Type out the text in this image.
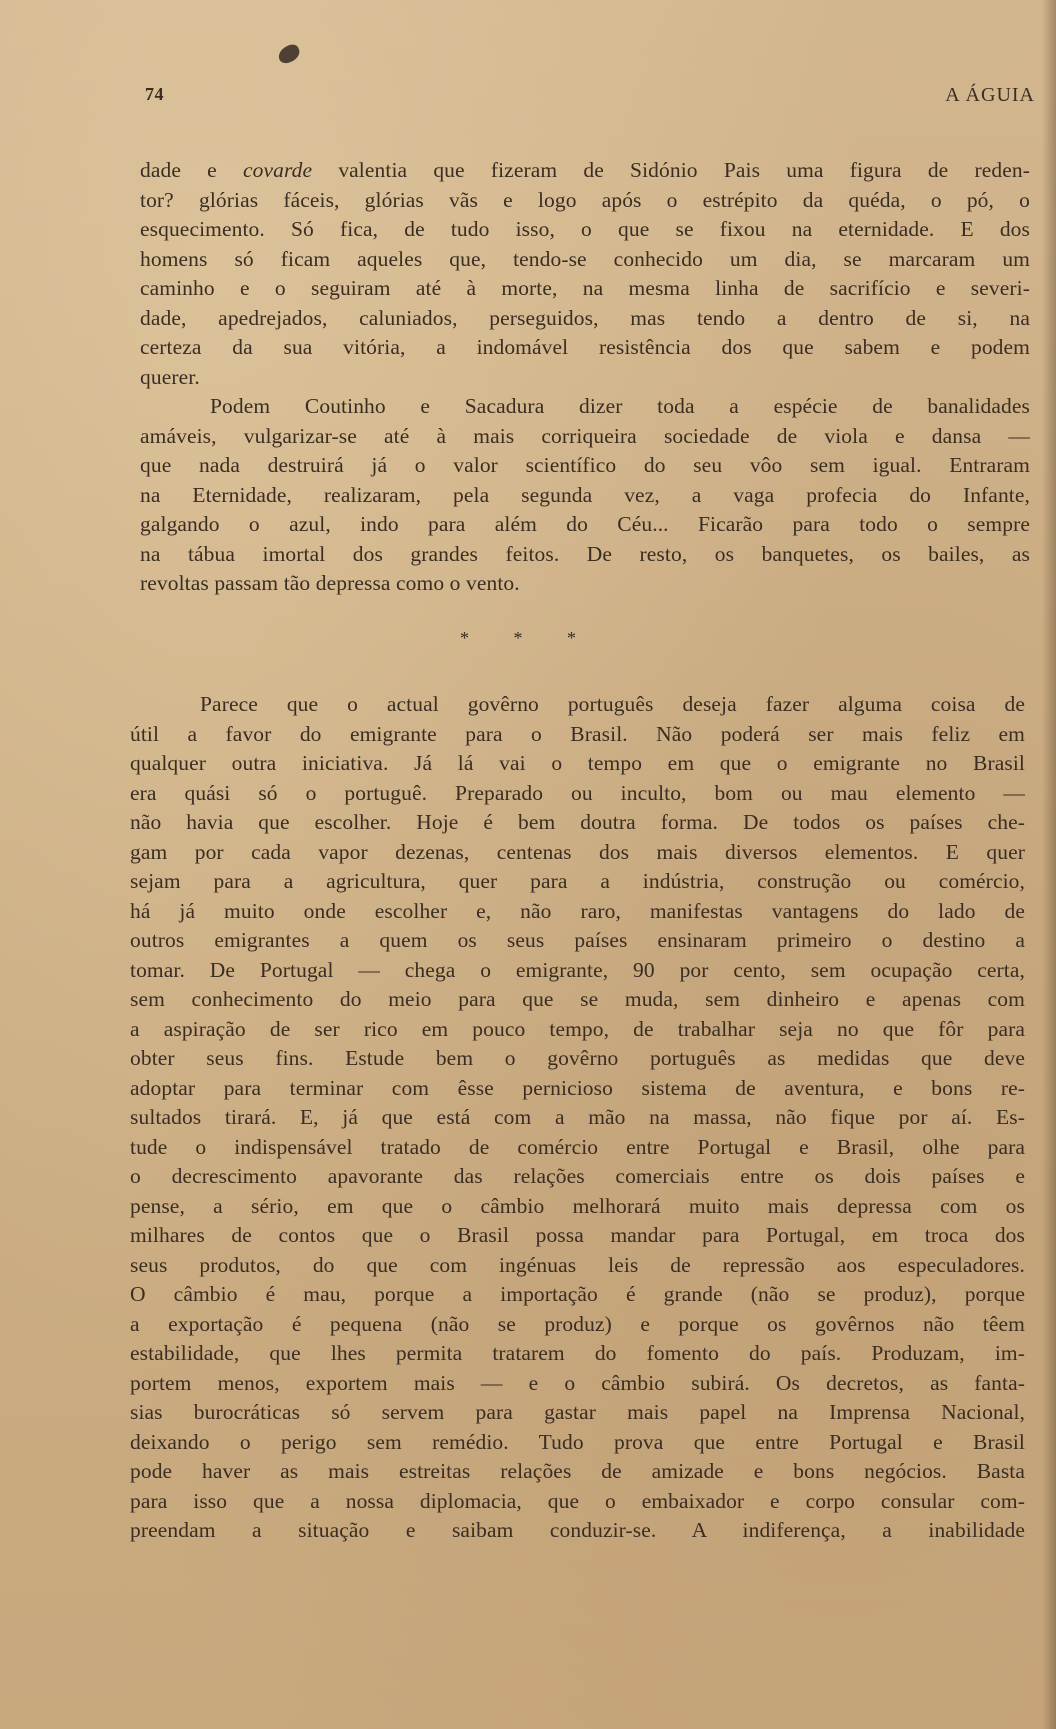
74	A ÁGUIA

dade e covarde valentia que fizeram de Sidónio Pais uma figura de reden-

tor? glórias fáceis, glórias vãs e logo após o estrépito da quéda, o pó, o

esquecimento. Só fica, de tudo isso, o que se fixou na eternidade. E dos

homens só ficam aqueles que, tendo-se conhecido um dia, se marcaram um

caminho e o seguiram até à morte, na mesma linha de sacrifício e severi-

dade, apedrejados, caluniados, perseguidos, mas tendo a dentro de si, na

certeza da sua vitória, a indomável resistência dos que sabem e podem

querer.

Podem Coutinho e Sacadura dizer toda a espécie de banalidades

amáveis, vulgarizar-se até à mais corriqueira sociedade de viola e dansa —

que nada destruirá já o valor scientífico do seu vôo sem igual. Entraram

na Eternidade, realizaram, pela segunda vez, a vaga profecia do Infante,

galgando o azul, indo para além do Céu... Ficarão para todo o sempre

na tábua imortal dos grandes feitos. De resto, os banquetes, os bailes, as

revoltas passam tão depressa como o vento.

* * *

Parece que o actual govêrno português deseja fazer alguma coisa de

útil a favor do emigrante para o Brasil. Não poderá ser mais feliz em

qualquer outra iniciativa. Já lá vai o tempo em que o emigrante no Brasil

era quási só o portuguê. Preparado ou inculto, bom ou mau elemento —

não havia que escolher. Hoje é bem doutra forma. De todos os países che-

gam por cada vapor dezenas, centenas dos mais diversos elementos. E quer

sejam para a agricultura, quer para a indústria, construção ou comércio,

há já muito onde escolher e, não raro, manifestas vantagens do lado de

outros emigrantes a quem os seus países ensinaram primeiro o destino a

tomar. De Portugal — chega o emigrante, 90 por cento, sem ocupação certa,

sem conhecimento do meio para que se muda, sem dinheiro e apenas com

a aspiração de ser rico em pouco tempo, de trabalhar seja no que fôr para

obter seus fins. Estude bem o govêrno português as medidas que deve

adoptar para terminar com êsse pernicioso sistema de aventura, e bons re-

sultados tirará. E, já que está com a mão na massa, não fique por aí. Es-

tude o indispensável tratado de comércio entre Portugal e Brasil, olhe para

o decrescimento apavorante das relações comerciais entre os dois países e

pense, a sério, em que o câmbio melhorará muito mais depressa com os

milhares de contos que o Brasil possa mandar para Portugal, em troca dos

seus produtos, do que com ingénuas leis de repressão aos especuladores.

O câmbio é mau, porque a importação é grande (não se produz), porque

a exportação é pequena (não se produz) e porque os govêrnos não têem

estabilidade, que lhes permita tratarem do fomento do país. Produzam, im-

portem menos, exportem mais — e o câmbio subirá. Os decretos, as fanta-

sias burocráticas só servem para gastar mais papel na Imprensa Nacional,

deixando o perigo sem remédio. Tudo prova que entre Portugal e Brasil

pode haver as mais estreitas relações de amizade e bons negócios. Basta

para isso que a nossa diplomacia, que o embaixador e corpo consular com-

preendam a situação e saibam conduzir-se. A indiferença, a inabilidade
